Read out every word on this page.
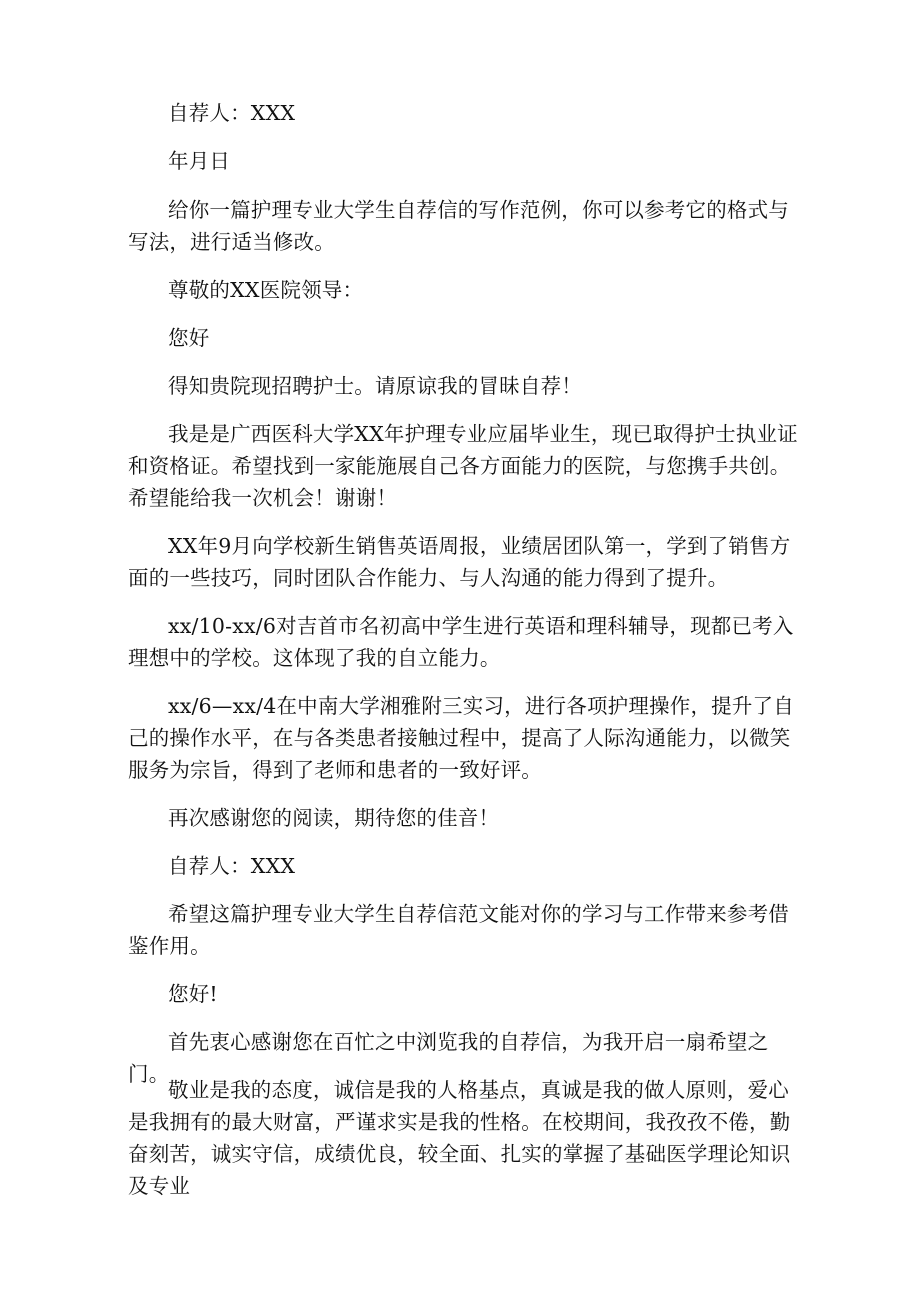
自荐人：XXX

年月日

给你一篇护理专业大学生自荐信的写作范例，你可以参考它的格式与写法，进行适当修改。

尊敬的XX医院领导：

您好

得知贵院现招聘护士。请原谅我的冒昧自荐！

我是是广西医科大学XX年护理专业应届毕业生，现已取得护士执业证和资格证。希望找到一家能施展自己各方面能力的医院，与您携手共创。希望能给我一次机会！谢谢！

XX年9月向学校新生销售英语周报，业绩居团队第一，学到了销售方面的一些技巧，同时团队合作能力、与人沟通的能力得到了提升。

xx/10-xx/6对吉首市名初高中学生进行英语和理科辅导，现都已考入理想中的学校。这体现了我的自立能力。

xx/6—xx/4在中南大学湘雅附三实习，进行各项护理操作，提升了自己的操作水平，在与各类患者接触过程中，提高了人际沟通能力，以微笑服务为宗旨，得到了老师和患者的一致好评。

再次感谢您的阅读，期待您的佳音！

自荐人：XXX

希望这篇护理专业大学生自荐信范文能对你的学习与工作带来参考借鉴作用。

您好!

首先衷心感谢您在百忙之中浏览我的自荐信，为我开启一扇希望之门。

敬业是我的态度，诚信是我的人格基点，真诚是我的做人原则，爱心是我拥有的最大财富，严谨求实是我的性格。在校期间，我孜孜不倦，勤奋刻苦，诚实守信，成绩优良，较全面、扎实的掌握了基础医学理论知识及专业
